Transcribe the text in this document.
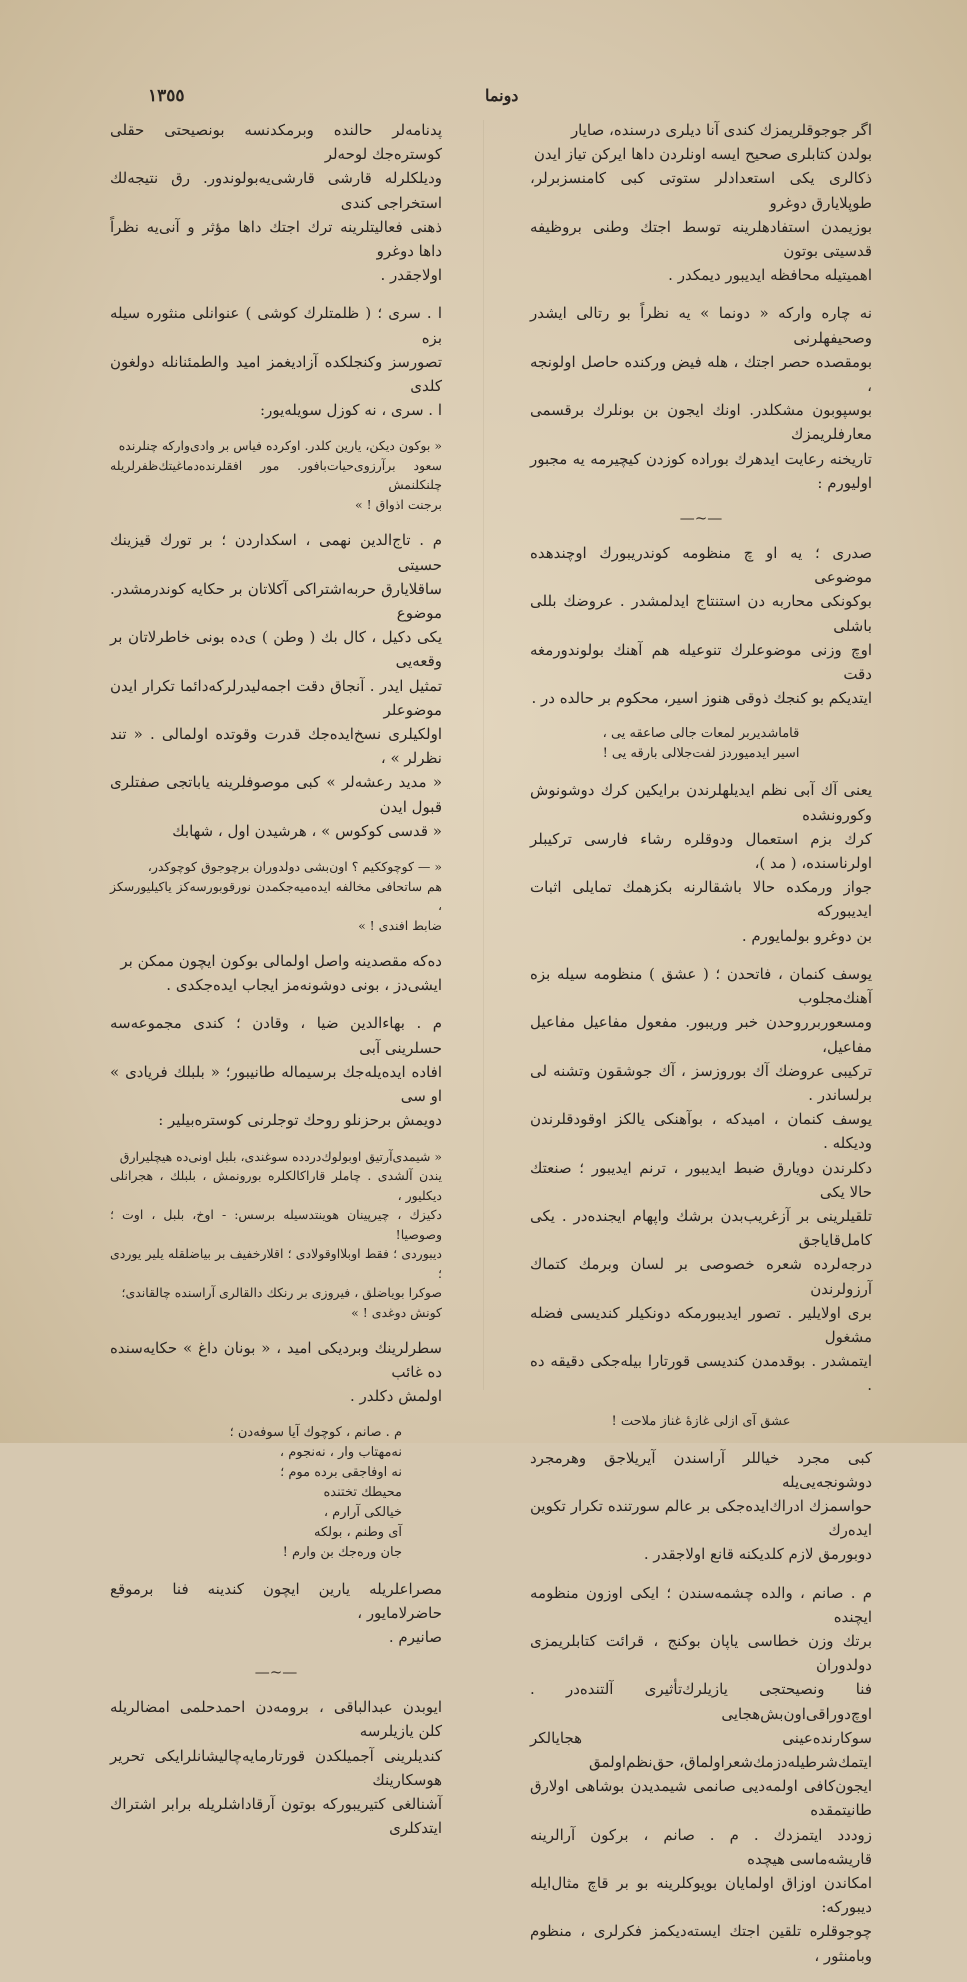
١٣٥٥	دونما

اگر جوجوقلریمزك كندی آنا دیلری درسنده، صایار
بولدن كتابلری صحیح ایسه اونلردن داها ایركن تیاز ایدن
ذكالری یکی استعدادلر ستوتی کبی کامنسزبرلر، طوپلایارق دوغرو
بوزیمدن استفادهلرینه توسط اجتك وطنی بروظیفه قدسیتی بوتون
اهمیتیله محافظه ایدیبور دیمكدر .

نه چاره واركه « دونما » یه نظراً بو رتالی ایشدر وصحیفهلرنی
بومقصده حصر اجتك ، هله فیض ورکنده حاصل اولونجه ،
بوسپوبون مشکلدر. اونك ایجون بن بونلرك برقسمی معارفلریمزك
تاریخنه رعایت ایدهرك بوراده کوزدن کیچیرمه یه مجبور اولیورم :

—~—

صدری ؛ یه او چ منظومه كوندریبورك اوچندهده موضوعی
بوکونکی محاربه دن استنتاج ایدلمشدر . عروضك بللی باشلی
اوچ وزنی موضوعلرك تنوعیله هم آهنك بولوندورمغه دقت
ایتدیكم بو کنجك ذوقی هنوز اسیر، محکوم بر حالده در .

قاماشدیربر لمعات جالی صاعقه یی ،
اسیر ایدمیوردز لفت‌جلالی بارقه یی !

یعنی آك آبی نظم ایدیلهلرندن برایكین كرك دوشونوش وكورونشده
كرك بزم استعمال ودوقلره رشاء فارسی تركیبلر اولرناسنده، ( مد )،
جواز ورمکده حالا باشقالرنه بكزهمك تمایلی اثبات ایدیبورکه
بن دوغرو بولمایورم .

یوسف کنمان ، فاتحدن ؛ ( عشق ) منظومه سیله بزه آهنك‌مجلوب
ومسعوربرروحدن خبر وریبور. مفعول مفاعیل مفاعیل مفاعیل،
تركیبی عروضك آك بوروزسز ، آك جوشقون وتشنه لی برلساندر .
یوسف کنمان ، امیدکه ، بوآهنكی یالكز اوقودقلرندن ودیكله .
دکلرندن دویارق ضبط ایدیبور ، ترنم ایدیبور ؛ صنعتك حالا یکی
تلقیلرینی بر آزغریب‌بدن برشك واپهام ایجنده‌در . یکی کامل‌قایاجق
درجه‌لرده شعره خصوصی بر لسان وبرمك کتماك آرزولرندن
بری اولایلیر . تصور ایدیبورمکه دونکیلر کندیسی فضله مشغول
ایتمشدر . بوقدمدن کندیسی قورتارا بیله‌جکی دقیقه ده .

عشق آی ازلی غازهٔ غناز ملاحت !

کبی مجرد خیاللر آراسندن آیریلاجق وهرمجرد دوشونجه‌یی‌یله
حواسمزك ادراك‌ایده‌جکی بر عالم سورتنده تكرار تكوین ایده‌رك
دوبورمق لازم کلدیکنه قانع اولاجقدر .

م . صانم ، والده چشمه‌سندن ؛ ایکی اوزون منظومه ایچنده
برتك وزن خطاسی یاپان بوكنج ، قرائت كتابلریمزی دولدوران
فنا ونصیحتجی یازیلرك‌تأثیری آلتنده‌در . اوچ‌دوراقی‌اون‌بش‌هجایی
سوكارنده‌عینی هجا‌یالكر ایتمك‌شرطیله‌دزمك‌شعر‌اولماق، حق‌نظم‌اولمق
ایجون‌كافی اولمه‌دیی صانمی شیمدیدن بوشاهی اولارق طانیتمقده
زوددد ایتمزدك . م . صانم ، بركون آرالرینه قاریشه‌ماسی هیچده
امكاندن اوزاق اولمایان بویوكلرینه بو بر قاچ مثال‌ایله دیبوركه:
چوجوقلره تلقین اجتك ایسته‌دیکمز فكرلری ، منظوم وبامنثور ،

پدنامه‌لر حالنده وبرمكدنسه بونصیحتی حقلی كوستره‌جك لوحه‌لر
ودیلكلرله قارشی قارشی‌یه‌بولوندور. رق نتیجه‌لك استخراجی كندی
ذهنی فعالیتلرینه ترك اجتك داها مؤثر و آنی‌یه نظراً داها دوغرو
اولاجقدر .

ا . سری ؛ ( ظلمتلرك كوشی ) عنوانلی منثوره سیله بزه
تصورسز وكنجلكده آزادیغمز امید والطمئنانله دولغون كلدی
ا . سری ، نه كوزل سویله‌یور:

« بوكون دیكن، یارین كلدر. اوكرده فیاس بر وادی‌واركه چنلرنده
سعود برآرزوی‌حیات‌بافور. مور افقلرنده‌دماغیتك‌ظفرلریله چلنكلنمش
برجنت اذواق ! »

م . تاج‌الدین نهمی ، اسکداردن ؛ بر تورك قیزینك حسیتی
ساقلایارق حربه‌اشتراكی آكلاتان بر حكایه كوندرمشدر. موضوع
یکی دکیل ، كال بك ( وطن ) ی‌ده بونی خاطرلاتان بر وقعه‌یی
تمثیل ایدر . آنجاق دقت اجمه‌لیدرلركه‌دائما تكرار ایدن موضوعلر
اولكیلری نسخ‌ایده‌جك قدرت وقوتده اولمالی . « تند نظرلر » ،
« مدید رعشه‌لر » كبی موصوفلرینه یاباتجی صفتلری قبول ایدن
« قدسی كوكوس » ، هرشیدن اول ، شهابك

« — كوچوككیم ؟ اون‌بشی دولدوران برچوجوق كوچوكدر،
هم ساتحافی مخالفه ایده‌میه‌جكمدن نورقوبورسه‌كز یاكیلیورسكز ،
ضابط افندی ! »

ده‌كه مقصدینه واصل اولمالی بوكون ایچون ممكن بر
ایشی‌دز ، بونی دوشونه‌مز ایجاب ایده‌جكدی .

م . بهاءالدین ضیا ، وقادن ؛ كندی مجموعه‌سه حسلرینی آبی
افاده ایده‌یله‌جك برسیماله طانیبور؛ « بلبلك فریادی » او سی
دویمش برحزنلو روحك توجلرنی كوستره‌بیلیر :

« شیمدی‌آرتیق اوبولوك‌دردده سوغندی، بلبل اونی‌ده هیچلیرارق
یندن آلشدی . چاملر قاراكالكلره بورونمش ، بلبلك ، هجرانلی دیكلیور ،
دكیزك ، چیرپینان هوینتدسیله برسس: - اوخ، بلبل ، اوت ؛ وصوصیا!
دیبوردی ؛ فقط اوبلااوقولادی ؛ اقلارخفیف بر بیاضلقله یلیر یوردی ؛
صوكرا بویاضلق ، فیروزی بر رنكك دالقالری آراسنده چالقاندی؛
كونش دوغدی ! »

سطرلرینك وبردیكی امید ، « بونان داغ » حكایه‌سنده ده غائب
اولمش دكلدر .

م . صانم ، كوچوك آیا سوفه‌دن ؛
نه‌مهتاب وار ، نه‌نجوم ،
نه اوفاجقی برده موم ؛
محیطك تختنده
خیالكی آرارم ،
آی وطنم ، بولكه
جان وره‌جك بن وارم !

مصراعلریله یارین ایچون كندینه فنا برموقع حاضرلامایور ،
صانیرم .

—~—

ایوبدن عبدالباقی ، برومه‌دن احمدحلمی امضالریله كلن یازیلرسه
كندیلرینی آجمیلكدن قورتارمایه‌چالیشانلرایكی تحریر هوسكارینك
آشنالغی كتیریبوركه بوتون آرقاداشلریله برابر اشتراك ایتدكلری
